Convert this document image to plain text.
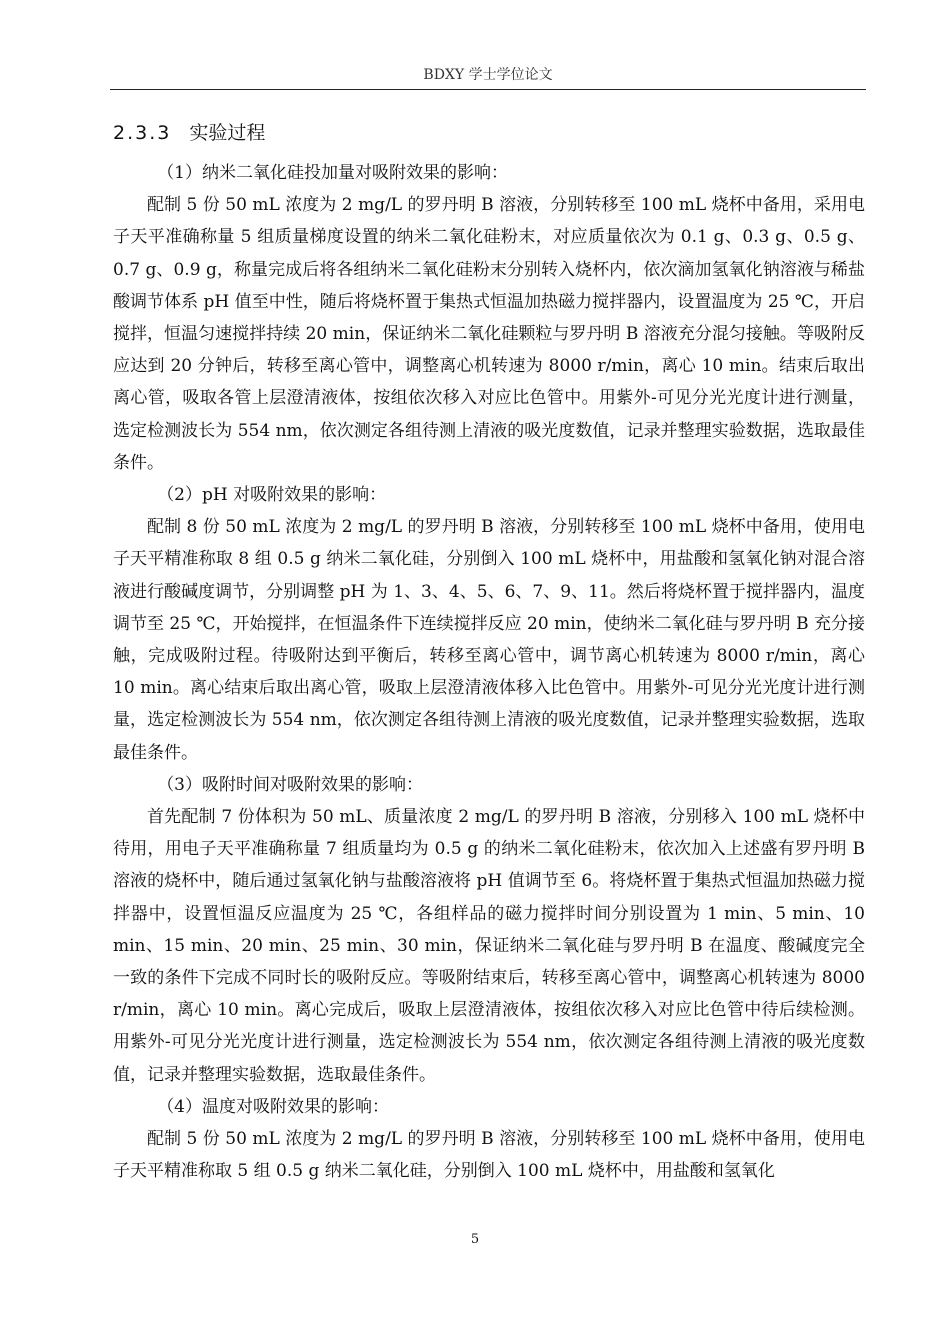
BDXY 学士学位论文
2.3.3 实验过程

（1）纳米二氧化硅投加量对吸附效果的影响：

配制 5 份 50 mL 浓度为 2 mg/L 的罗丹明 B 溶液，分别转移至 100 mL 烧杯中备用，采用电子天平准确称量 5 组质量梯度设置的纳米二氧化硅粉末，对应质量依次为 0.1 g、0.3 g、0.5 g、0.7 g、0.9 g，称量完成后将各组纳米二氧化硅粉末分别转入烧杯内，依次滴加氢氧化钠溶液与稀盐酸调节体系 pH 值至中性，随后将烧杯置于集热式恒温加热磁力搅拌器内，设置温度为 25 ℃，开启搅拌，恒温匀速搅拌持续 20 min，保证纳米二氧化硅颗粒与罗丹明 B 溶液充分混匀接触。等吸附反应达到 20 分钟后，转移至离心管中，调整离心机转速为 8000 r/min，离心 10 min。结束后取出离心管，吸取各管上层澄清液体，按组依次移入对应比色管中。用紫外-可见分光光度计进行测量，选定检测波长为 554 nm，依次测定各组待测上清液的吸光度数值，记录并整理实验数据，选取最佳条件。

（2）pH 对吸附效果的影响：

配制 8 份 50 mL 浓度为 2 mg/L 的罗丹明 B 溶液，分别转移至 100 mL 烧杯中备用，使用电子天平精准称取 8 组 0.5 g 纳米二氧化硅，分别倒入 100 mL 烧杯中，用盐酸和氢氧化钠对混合溶液进行酸碱度调节，分别调整 pH 为 1、3、4、5、6、7、9、11。然后将烧杯置于搅拌器内，温度调节至 25 ℃，开始搅拌，在恒温条件下连续搅拌反应 20 min，使纳米二氧化硅与罗丹明 B 充分接触，完成吸附过程。待吸附达到平衡后，转移至离心管中，调节离心机转速为 8000 r/min，离心 10 min。离心结束后取出离心管，吸取上层澄清液体移入比色管中。用紫外-可见分光光度计进行测量，选定检测波长为 554 nm，依次测定各组待测上清液的吸光度数值，记录并整理实验数据，选取最佳条件。

（3）吸附时间对吸附效果的影响：

首先配制 7 份体积为 50 mL、质量浓度 2 mg/L 的罗丹明 B 溶液，分别移入 100 mL 烧杯中待用，用电子天平准确称量 7 组质量均为 0.5 g 的纳米二氧化硅粉末，依次加入上述盛有罗丹明 B 溶液的烧杯中，随后通过氢氧化钠与盐酸溶液将 pH 值调节至 6。将烧杯置于集热式恒温加热磁力搅拌器中，设置恒温反应温度为 25 ℃，各组样品的磁力搅拌时间分别设置为 1 min、5 min、10 min、15 min、20 min、25 min、30 min，保证纳米二氧化硅与罗丹明 B 在温度、酸碱度完全一致的条件下完成不同时长的吸附反应。等吸附结束后，转移至离心管中，调整离心机转速为 8000 r/min，离心 10 min。离心完成后，吸取上层澄清液体，按组依次移入对应比色管中待后续检测。用紫外-可见分光光度计进行测量，选定检测波长为 554 nm，依次测定各组待测上清液的吸光度数值，记录并整理实验数据，选取最佳条件。

（4）温度对吸附效果的影响：

配制 5 份 50 mL 浓度为 2 mg/L 的罗丹明 B 溶液，分别转移至 100 mL 烧杯中备用，使用电子天平精准称取 5 组 0.5 g 纳米二氧化硅，分别倒入 100 mL 烧杯中，用盐酸和氢氧化

5
